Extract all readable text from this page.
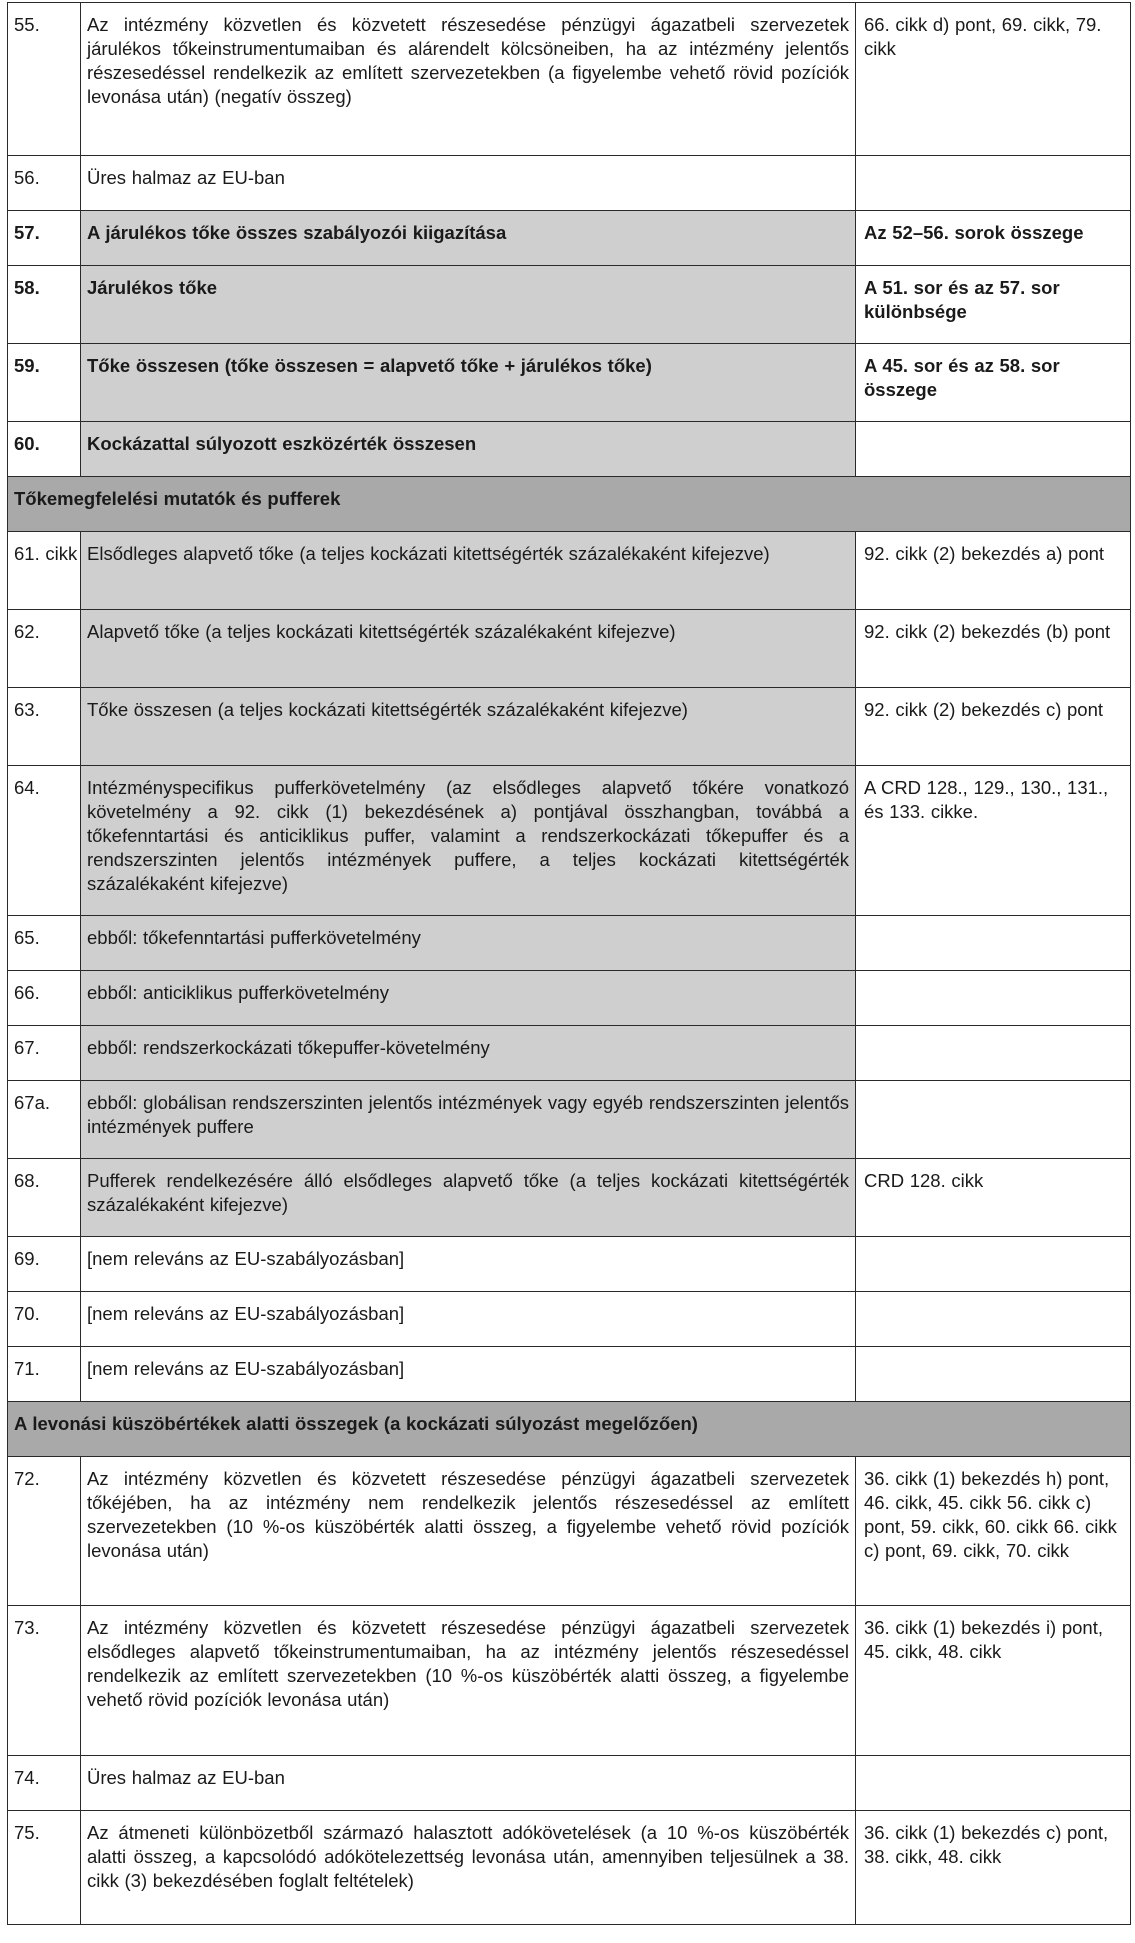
55.	Az intézmény közvetlen és közvetett részesedése pénzügyi ágazatbeli szervezetek járulékos tőkeinstrumentumaiban és alárendelt kölcsöneiben, ha az intézmény jelentős részesedéssel rendelkezik az említett szervezetekben (a figyelembe vehető rövid pozíciók levonása után) (negatív összeg)	66. cikk d) pont, 69. cikk, 79. cikk
56.	Üres halmaz az EU-ban	
57.	A járulékos tőke összes szabályozói kiigazítása	Az 52–56. sorok összege
58.	Járulékos tőke	A 51. sor és az 57. sor különbsége
59.	Tőke összesen (tőke összesen = alapvető tőke + járulékos tőke)	A 45. sor és az 58. sor összege
60.	Kockázattal súlyozott eszközérték összesen	
Tőkemegfelelési mutatók és pufferek		
61. cikk	Elsődleges alapvető tőke (a teljes kockázati kitettségérték százalékaként kifejezve)	92. cikk (2) bekezdés a) pont
62.	Alapvető tőke (a teljes kockázati kitettségérték százalékaként kifejezve)	92. cikk (2) bekezdés (b) pont
63.	Tőke összesen (a teljes kockázati kitettségérték százalékaként kifejezve)	92. cikk (2) bekezdés c) pont
64.	Intézményspecifikus pufferkövetelmény (az elsődleges alapvető tőkére vonatkozó követelmény a 92. cikk (1) bekezdésének a) pontjával összhangban, továbbá a tőkefenntartási és anticiklikus puffer, valamint a rendszerkockázati tőkepuffer és a rendszerszinten jelentős intézmények puffere, a teljes kockázati kitettségérték százalékaként kifejezve)	A CRD 128., 129., 130., 131., és 133. cikke.
65.	ebből: tőkefenntartási pufferkövetelmény	
66.	ebből: anticiklikus pufferkövetelmény	
67.	ebből: rendszerkockázati tőkepuffer-követelmény	
67a.	ebből: globálisan rendszerszinten jelentős intézmények vagy egyéb rendszerszinten jelentős intézmények puffere	
68.	Pufferek rendelkezésére álló elsődleges alapvető tőke (a teljes kockázati kitettségérték százalékaként kifejezve)	CRD 128. cikk
69.	[nem releváns az EU-szabályozásban]	
70.	[nem releváns az EU-szabályozásban]	
71.	[nem releváns az EU-szabályozásban]	
A levonási küszöbértékek alatti összegek (a kockázati súlyozást megelőzően)		
72.	Az intézmény közvetlen és közvetett részesedése pénzügyi ágazatbeli szervezetek tőkéjében, ha az intézmény nem rendelkezik jelentős részesedéssel az említett szervezetekben (10 %-os küszöbérték alatti összeg, a figyelembe vehető rövid pozíciók levonása után)	36. cikk (1) bekezdés h) pont, 46. cikk, 45. cikk 56. cikk c) pont, 59. cikk, 60. cikk 66. cikk c) pont, 69. cikk, 70. cikk
73.	Az intézmény közvetlen és közvetett részesedése pénzügyi ágazatbeli szervezetek elsődleges alapvető tőkeinstrumentumaiban, ha az intézmény jelentős részesedéssel rendelkezik az említett szervezetekben (10 %-os küszöbérték alatti összeg, a figyelembe vehető rövid pozíciók levonása után)	36. cikk (1) bekezdés i) pont, 45. cikk, 48. cikk
74.	Üres halmaz az EU-ban	
75.	Az átmeneti különbözetből származó halasztott adókövetelések (a 10 %-os küszöbérték alatti összeg, a kapcsolódó adókötelezettség levonása után, amennyiben teljesülnek a 38. cikk (3) bekezdésében foglalt feltételek)	36. cikk (1) bekezdés c) pont, 38. cikk, 48. cikk
